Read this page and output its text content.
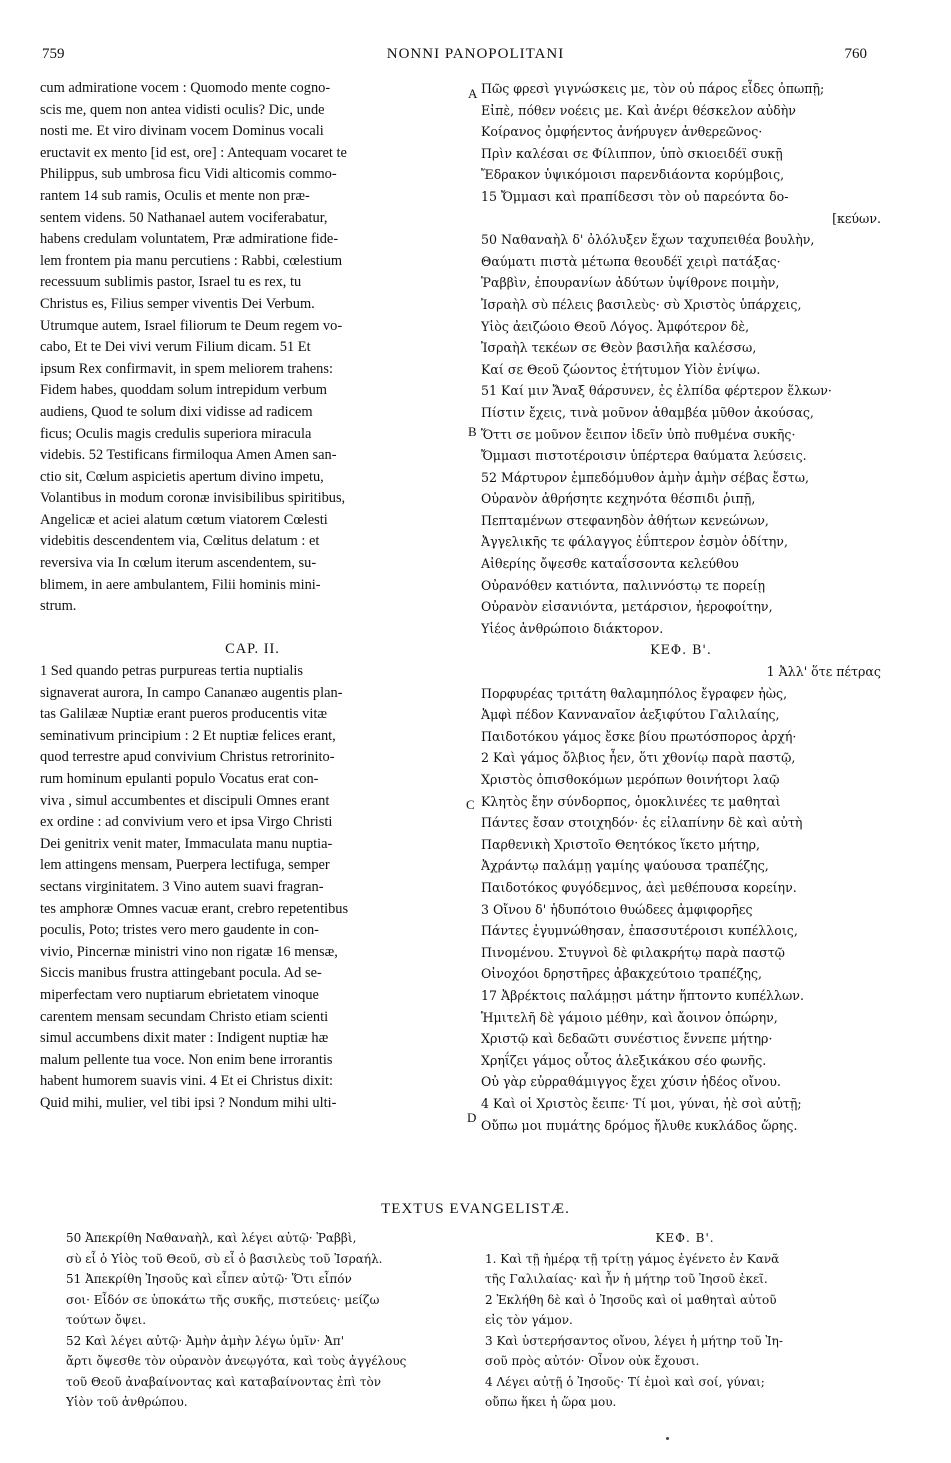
759	NONNI PANOPOLITANI	760
cum admiratione vocem : Quomodo mente cogno-
scis me, quem non antea vidisti oculis? Dic, unde
nosti me. Et viro divinam vocem Dominus vocali
eructavit ex mento [id est, ore] : Antequam vocaret te
Philippus, sub umbrosa ficu Vidi alticomis commo-
rantem 14 sub ramis, Oculis et mente non præ-
sentem videns. 50 Nathanael autem vociferabatur,
habens credulam voluntatem, Præ admiratione fide-
lem frontem pia manu percutiens : Rabbi, cœlestium
recessuum sublimis pastor, Israel tu es rex, tu
Christus es, Filius semper viventis Dei Verbum.
Utrumque autem, Israel filiorum te Deum regem vo-
cabo, Et te Dei vivi verum Filium dicam. 51 Et
ipsum Rex confirmavit, in spem meliorem trahens:
Fidem habes, quoddam solum intrepidum verbum
audiens, Quod te solum dixi vidisse ad radicem
ficus; Oculis magis credulis superiora miracula
videbis. 52 Testificans firmiloqua Amen Amen san-
ctio sit, Cœlum aspicietis apertum divino impetu,
Volantibus in modum coronæ invisibilibus spiritibus,
Angelicæ et aciei alatum cœtum viatorem Cœlesti
videbitis descendentem via, Cœlitus delatum : et
reversiva via In cœlum iterum ascendentem, su-
blimem, in aere ambulantem, Filii hominis mini-
strum.
CAP. II.
1 Sed quando petras purpureas tertia nuptialis
signaverat aurora, In campo Cananæo augentis plan-
tas Galilææ Nuptiæ erant pueros producentis vitæ
seminativum principium : 2 Et nuptiæ felices erant,
quod terrestre apud convivium Christus retrorinito-
rum hominum epulanti populo Vocatus erat con-
viva , simul accumbentes et discipuli Omnes erant
ex ordine : ad convivium vero et ipsa Virgo Christi
Dei genitrix venit mater, Immaculata manu nuptia-
lem attingens mensam, Puerpera lectifuga, semper
sectans virginitatem. 3 Vino autem suavi fragran-
tes amphoræ Omnes vacuæ erant, crebro repetentibus
poculis, Poto; tristes vero mero gaudente in con-
vivio, Pincernæ ministri vino non rigatæ 16 mensæ,
Siccis manibus frustra attingebant pocula. Ad se-
miperfectam vero nuptiarum ebrietatem vinoque
carentem mensam secundam Christo etiam scienti
simul accumbens dixit mater : Indigent nuptiæ hæ
malum pellente tua voce. Non enim bene irrorantis
habent humorem suavis vini. 4 Et ei Christus dixit:
Quid mihi, mulier, vel tibi ipsi ? Nondum mihi ulti-
Πῶς φρεσὶ γιγνώσκεις με, τὸν οὐ πάρος εἶδες ὀπωπῇ;
Εἰπὲ, πόθεν νοέεις με. Καὶ ἀνέρι θέσκελον αὐδὴν
Κοίρανος ὀμφήεντος ἀνήρυγεν ἀνθερεῶνος·
Πρὶν καλέσαι σε Φίλιππον, ὑπὸ σκιοειδέϊ συκῇ
Ἔδρακον ὑψικόμοισι παρενδιάοντα κορύμβοις,
15 Ὄμμασι καὶ πραπίδεσσι τὸν οὐ παρεόντα δο-
[κεύων.
50 Ναθαναὴλ δ' ὀλόλυξεν ἔχων ταχυπειθέα βουλὴν,
Θαύματι πιστὰ μέτωπα θεουδέϊ χειρὶ πατάξας·
Ῥαββὶν, ἐπουρανίων ἀδύτων ὑψίθρονε ποιμὴν,
Ἰσραὴλ σὺ πέλεις βασιλεὺς· σὺ Χριστὸς ὑπάρχεις,
Υἱὸς ἀειζώοιο Θεοῦ Λόγος. Ἀμφότερον δὲ,
Ἰσραὴλ τεκέων σε Θεὸν βασιλῆα καλέσσω,
Καί σε Θεοῦ ζώοντος ἐτήτυμον Υἱὸν ἐνίψω.
51 Καί μιν Ἄναξ θάρσυνεν, ἐς ἐλπίδα φέρτερον ἕλκων·
Πίστιν ἔχεις, τινὰ μοῦνον ἀθαμβέα μῦθον ἀκούσας,
Ὅττι σε μοῦνον ἔειπον ἰδεῖν ὑπὸ πυθμένα συκῆς·
Ὄμμασι πιστοτέροισιν ὑπέρτερα θαύματα λεύσεις.
52 Μάρτυρον ἐμπεδόμυθον ἀμὴν ἀμὴν σέβας ἔστω,
Οὐρανὸν ἀθρήσητε κεχηνότα θέσπιδι ῥιπῇ,
Πεπταμένων στεφανηδὸν ἀθήτων κενεώνων,
Ἀγγελικῆς τε φάλαγγος ἐΰπτερον ἐσμὸν ὁδίτην,
Αἰθερίης ὄψεσθε καταΐσσοντα κελεύθου
Οὐρανόθεν κατιόντα, παλιννόστῳ τε πορείῃ
Οὐρανὸν εἰσανιόντα, μετάρσιον, ἠεροφοίτην,
Υἱέος ἀνθρώποιο διάκτορον.
ΚΕΦ. Β'.
1 Ἀλλ' ὅτε πέτρας
Πορφυρέας τριτάτη θαλαμηπόλος ἔγραφεν ἠὼς,
Ἀμφὶ πέδον Κανναναῖον ἀεξιφύτου Γαλιλαίης,
Παιδοτόκου γάμος ἔσκε βίου πρωτόσπορος ἀρχή·
2 Καὶ γάμος ὄλβιος ἦεν, ὅτι χθονίῳ παρὰ παστῷ,
Χριστὸς ὀπισθοκόμων μερόπων θοινήτορι λαῷ
Κλητὸς ἔην σύνδορπος, ὁμοκλινέες τε μαθηταὶ
Πάντες ἔσαν στοιχηδόν· ἐς εἰλαπίνην δὲ καὶ αὐτὴ
Παρθενικὴ Χριστοῖο Θεητόκος ἵκετο μήτηρ,
Ἀχράντῳ παλάμῃ γαμίης ψαύουσα τραπέζης,
Παιδοτόκος φυγόδεμνος, ἀεὶ μεθέπουσα κορείην.
3 Οἴνου δ' ἡδυπότοιο θυώδεες ἀμφιφορῆες
Πάντες ἐγυμνώθησαν, ἐπασσυτέροισι κυπέλλοις,
Πινομένου. Στυγνοὶ δὲ φιλακρήτῳ παρὰ παστῷ
Οἰνοχόοι δρηστῆρες ἀβακχεύτοιο τραπέζης,
17 Ἀβρέκτοις παλάμῃσι μάτην ἥπτοντο κυπέλλων.
Ἡμιτελῆ δὲ γάμοιο μέθην, καὶ ἄοινον ὀπώρην,
Χριστῷ καὶ δεδαῶτι συνέστιος ἔννεπε μήτηρ·
Χρηΐζει γάμος οὗτος ἀλεξικάκου σέο φωνῆς.
Οὐ γὰρ εὐρραθάμιγγος ἔχει χύσιν ἡδέος οἴνου.
4 Καὶ οἱ Χριστὸς ἔειπε· Τί μοι, γύναι, ἠὲ σοὶ αὐτῇ;
Οὔπω μοι πυμάτης δρόμος ἤλυθε κυκλάδος ὥρης.
A
B
C
D
TEXTUS EVANGELISTÆ.
50 Ἀπεκρίθη Ναθαναὴλ, καὶ λέγει αὐτῷ· Ῥαββὶ,
σὺ εἶ ὁ Υἱὸς τοῦ Θεοῦ, σὺ εἶ ὁ βασιλεὺς τοῦ Ἰσραήλ.
51 Ἀπεκρίθη Ἰησοῦς καὶ εἶπεν αὐτῷ· Ὅτι εἶπόν
σοι· Εἶδόν σε ὑποκάτω τῆς συκῆς, πιστεύεις· μείζω
τούτων ὄψει.
52 Καὶ λέγει αὐτῷ· Ἀμὴν ἀμὴν λέγω ὑμῖν· Ἀπ'
ἄρτι ὄψεσθε τὸν οὐρανὸν ἀνεῳγότα, καὶ τοὺς ἀγγέλους
τοῦ Θεοῦ ἀναβαίνοντας καὶ καταβαίνοντας ἐπὶ τὸν
Υἱὸν τοῦ ἀνθρώπου.
ΚΕΦ. Β'.
1. Καὶ τῇ ἡμέρᾳ τῇ τρίτῃ γάμος ἐγένετο ἐν Κανᾶ
τῆς Γαλιλαίας· καὶ ἦν ἡ μήτηρ τοῦ Ἰησοῦ ἐκεῖ.
2 Ἐκλήθη δὲ καὶ ὁ Ἰησοῦς καὶ οἱ μαθηταὶ αὐτοῦ
εἰς τὸν γάμον.
3 Καὶ ὑστερήσαντος οἴνου, λέγει ἡ μήτηρ τοῦ Ἰη-
σοῦ πρὸς αὐτόν· Οἶνον οὐκ ἔχουσι.
4 Λέγει αὐτῇ ὁ Ἰησοῦς· Τί ἐμοὶ καὶ σοί, γύναι;
οὔπω ἥκει ἡ ὥρα μου.
